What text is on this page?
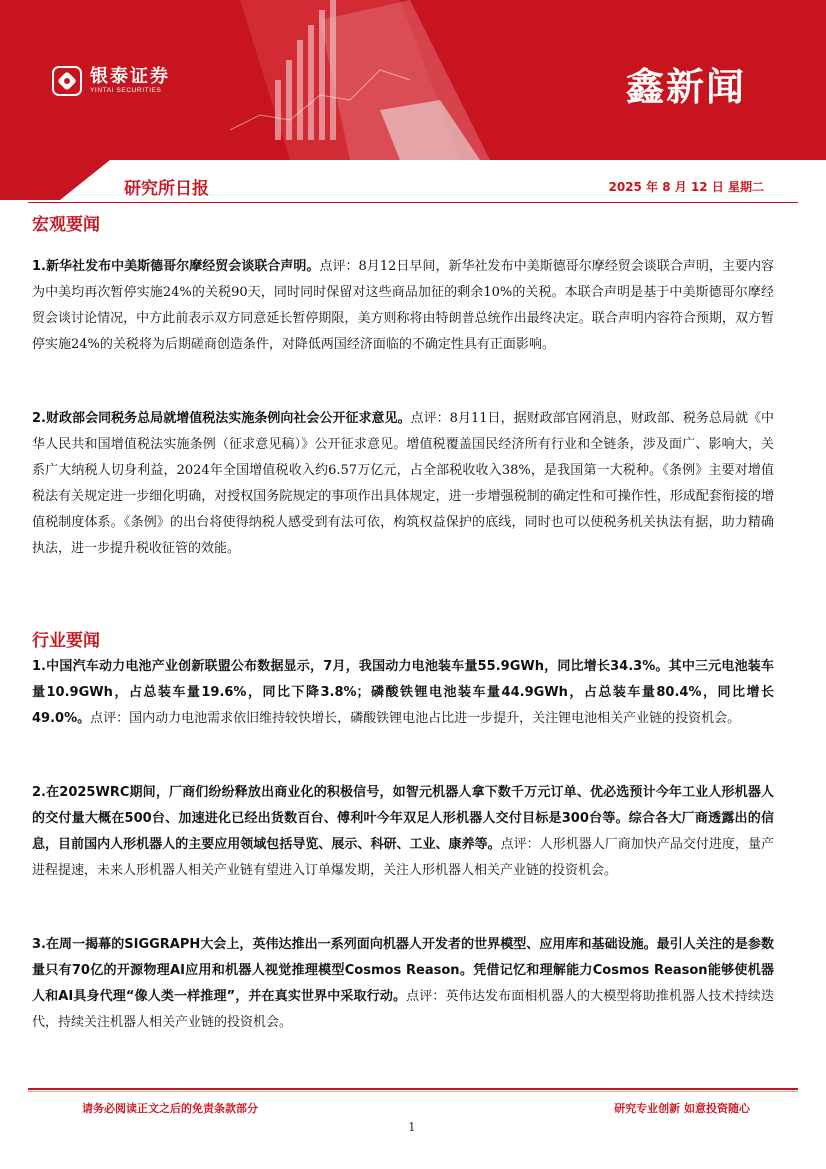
银泰证券
YINTAI SECURITIES	鑫新闻
研究所日报	2025 年 8 月 12 日 星期二
宏观要闻

1.新华社发布中美斯德哥尔摩经贸会谈联合声明。点评：8月12日早间，新华社发布中美斯德哥尔摩经贸会谈联合声明，主要内容为中美均再次暂停实施24%的关税90天，同时同时保留对这些商品加征的剩余10%的关税。本联合声明是基于中美斯德哥尔摩经贸会谈讨论情况，中方此前表示双方同意延长暂停期限，美方则称将由特朗普总统作出最终决定。联合声明内容符合预期，双方暂停实施24%的关税将为后期磋商创造条件，对降低两国经济面临的不确定性具有正面影响。

2.财政部会同税务总局就增值税法实施条例向社会公开征求意见。点评：8月11日，据财政部官网消息，财政部、税务总局就《中华人民共和国增值税法实施条例（征求意见稿）》公开征求意见。增值税覆盖国民经济所有行业和全链条，涉及面广、影响大，关系广大纳税人切身利益，2024年全国增值税收入约6.57万亿元，占全部税收收入38%，是我国第一大税种。《条例》主要对增值税法有关规定进一步细化明确，对授权国务院规定的事项作出具体规定，进一步增强税制的确定性和可操作性，形成配套衔接的增值税制度体系。《条例》的出台将使得纳税人感受到有法可依，构筑权益保护的底线，同时也可以使税务机关执法有据，助力精确执法，进一步提升税收征管的效能。

行业要闻

1.中国汽车动力电池产业创新联盟公布数据显示，7月，我国动力电池装车量55.9GWh，同比增长34.3%。其中三元电池装车量10.9GWh，占总装车量19.6%，同比下降3.8%；磷酸铁锂电池装车量44.9GWh，占总装车量80.4%，同比增长49.0%。点评：国内动力电池需求依旧维持较快增长，磷酸铁锂电池占比进一步提升，关注锂电池相关产业链的投资机会。

2.在2025WRC期间，厂商们纷纷释放出商业化的积极信号，如智元机器人拿下数千万元订单、优必选预计今年工业人形机器人的交付量大概在500台、加速进化已经出货数百台、傅利叶今年双足人形机器人交付目标是300台等。综合各大厂商透露出的信息，目前国内人形机器人的主要应用领域包括导览、展示、科研、工业、康养等。点评：人形机器人厂商加快产品交付进度，量产进程提速，未来人形机器人相关产业链有望进入订单爆发期，关注人形机器人相关产业链的投资机会。

3.在周一揭幕的SIGGRAPH大会上，英伟达推出一系列面向机器人开发者的世界模型、应用库和基础设施。最引人关注的是参数量只有70亿的开源物理AI应用和机器人视觉推理模型Cosmos Reason。凭借记忆和理解能力Cosmos Reason能够使机器人和AI具身代理“像人类一样推理”，并在真实世界中采取行动。点评：英伟达发布面相机器人的大模型将助推机器人技术持续迭代，持续关注机器人相关产业链的投资机会。

请务必阅读正文之后的免责条款部分	研究专业创新 如意投资随心
1
